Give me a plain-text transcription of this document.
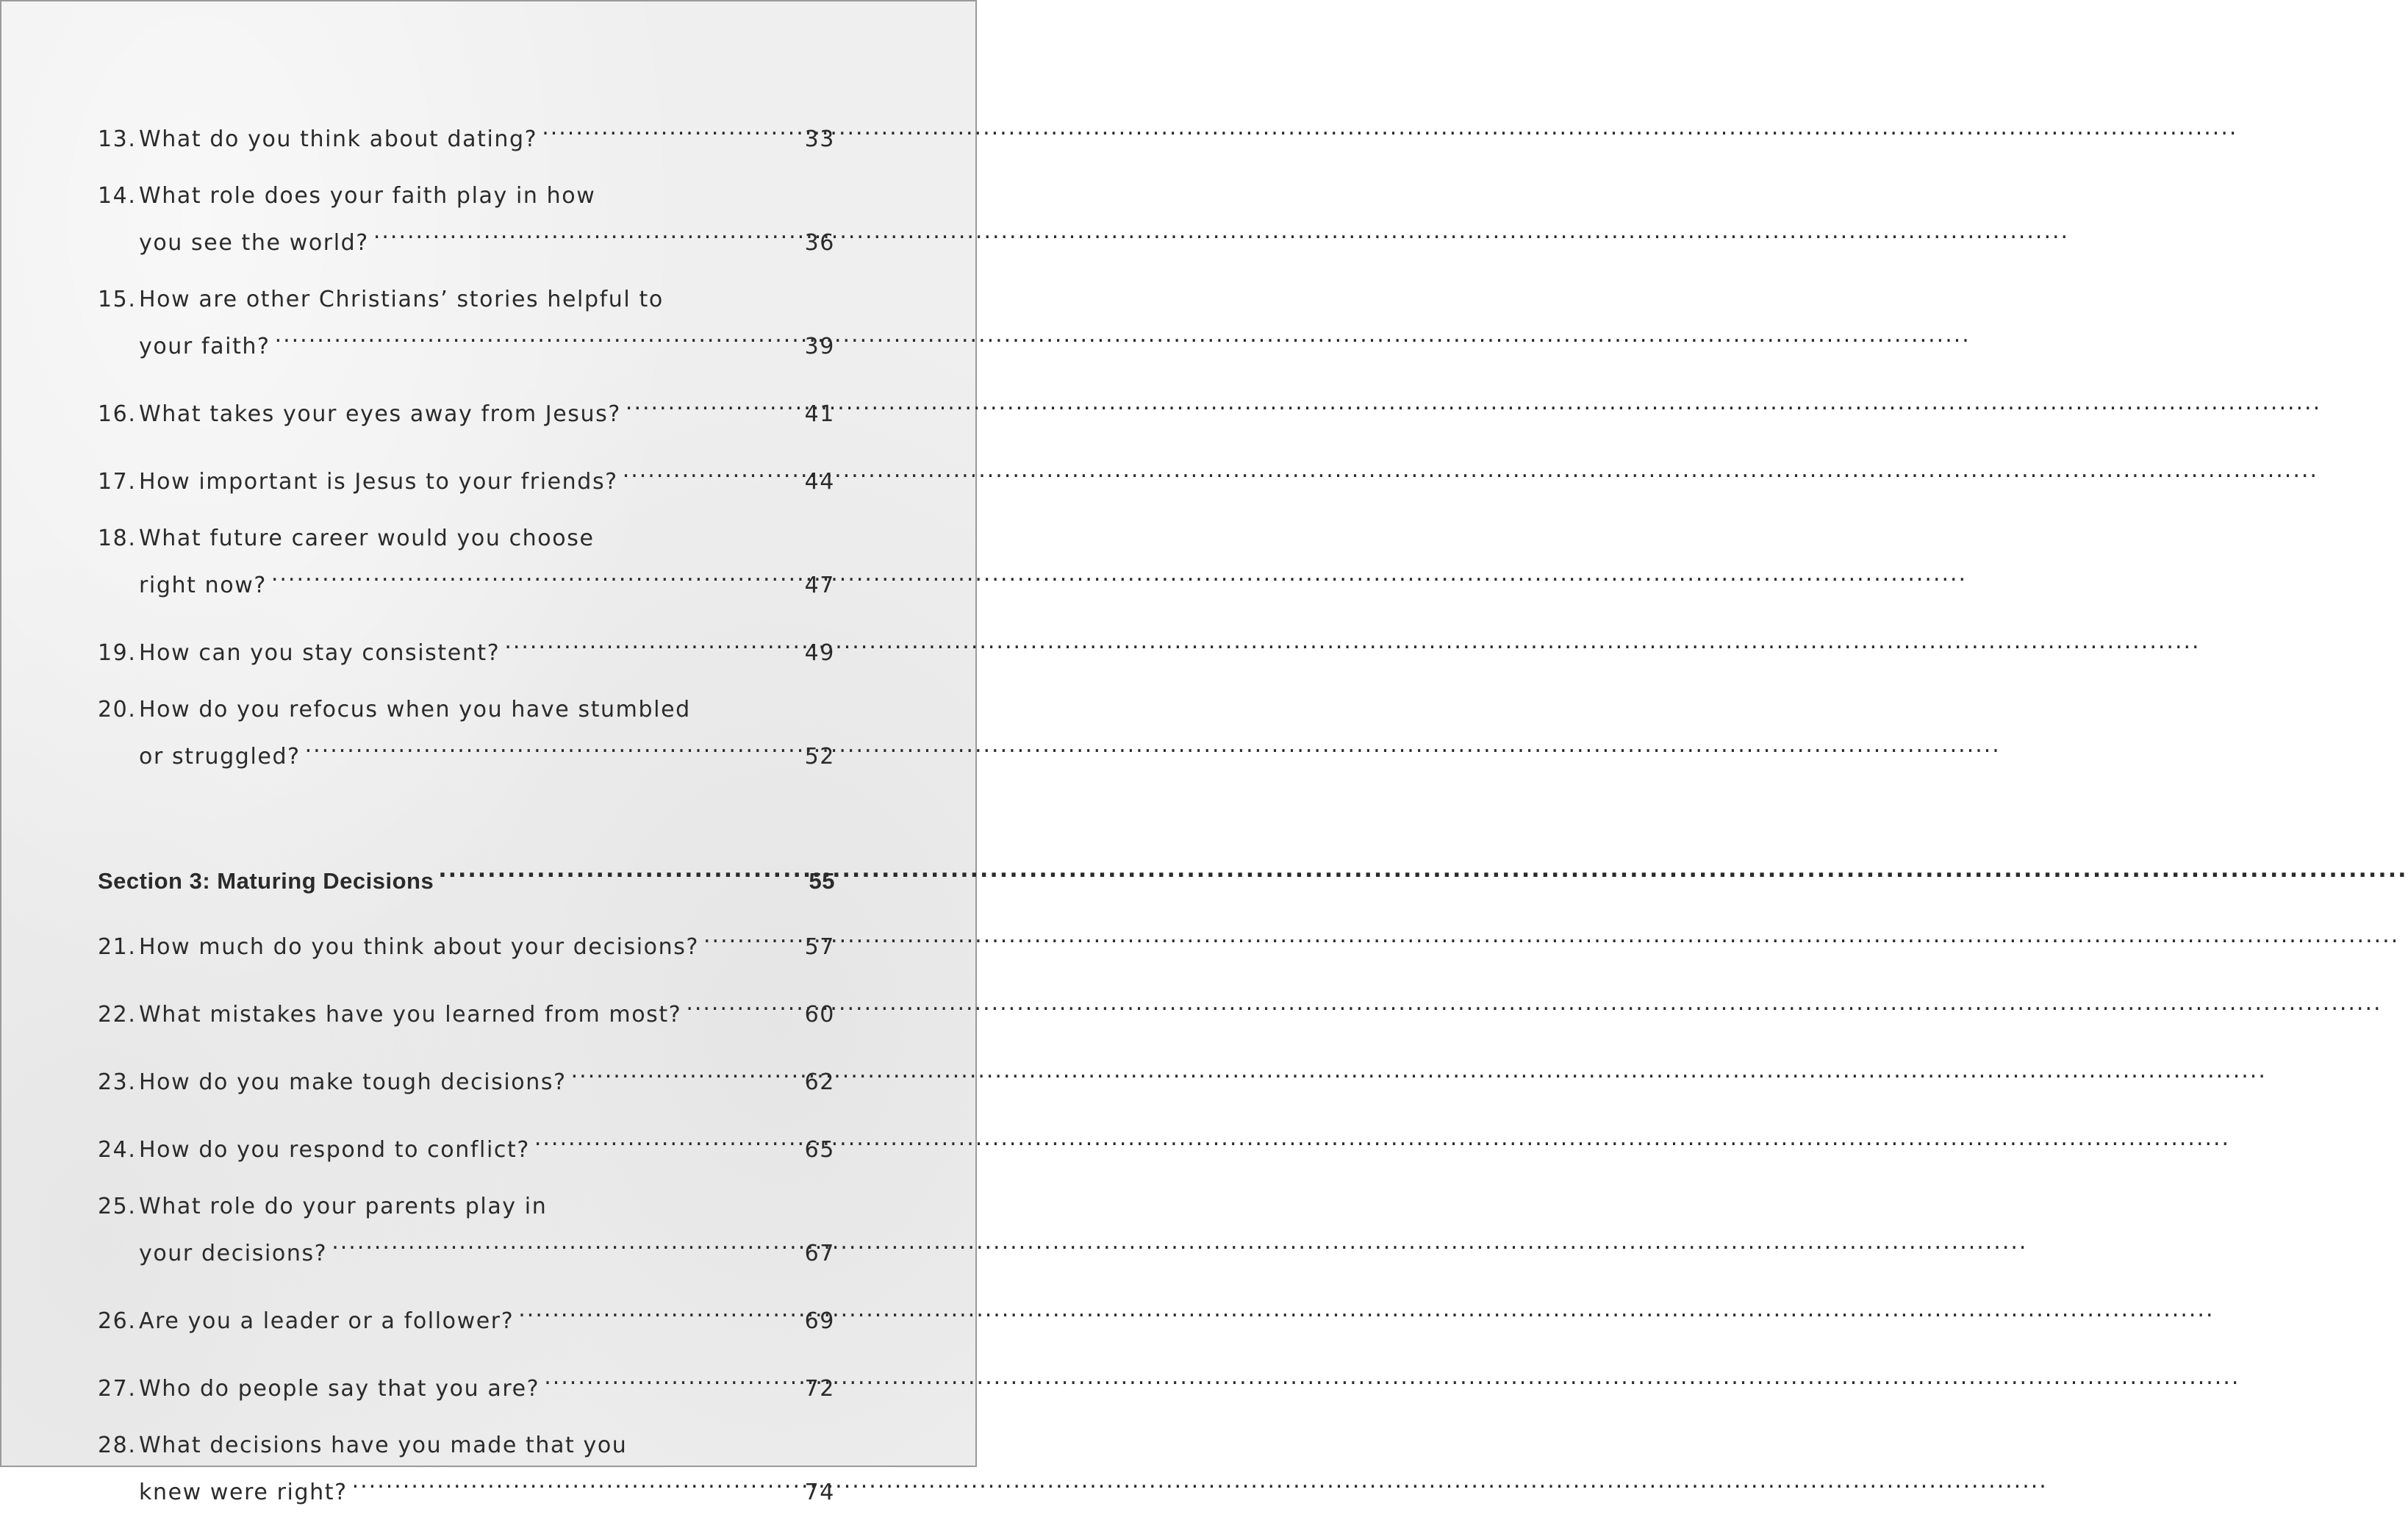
13. What do you think about dating? .....	33
14. What role does your faith play in how
you see the world? .....	36
15. How are other Christians’ stories helpful to
your faith? .....	39
16. What takes your eyes away from Jesus? .....	41
17. How important is Jesus to your friends? .....	44
18. What future career would you choose
right now? .....	47
19. How can you stay consistent? .....	49
20. How do you refocus when you have stumbled
or struggled? .....	52
Section 3: Maturing Decisions .....	55
21. How much do you think about your decisions? .....	57
22. What mistakes have you learned from most? .....	60
23. How do you make tough decisions? .....	62
24. How do you respond to conflict? .....	65
25. What role do your parents play in
your decisions? .....	67
26. Are you a leader or a follower? .....	69
27. Who do people say that you are? .....	72
28. What decisions have you made that you
knew were right? .....	74
